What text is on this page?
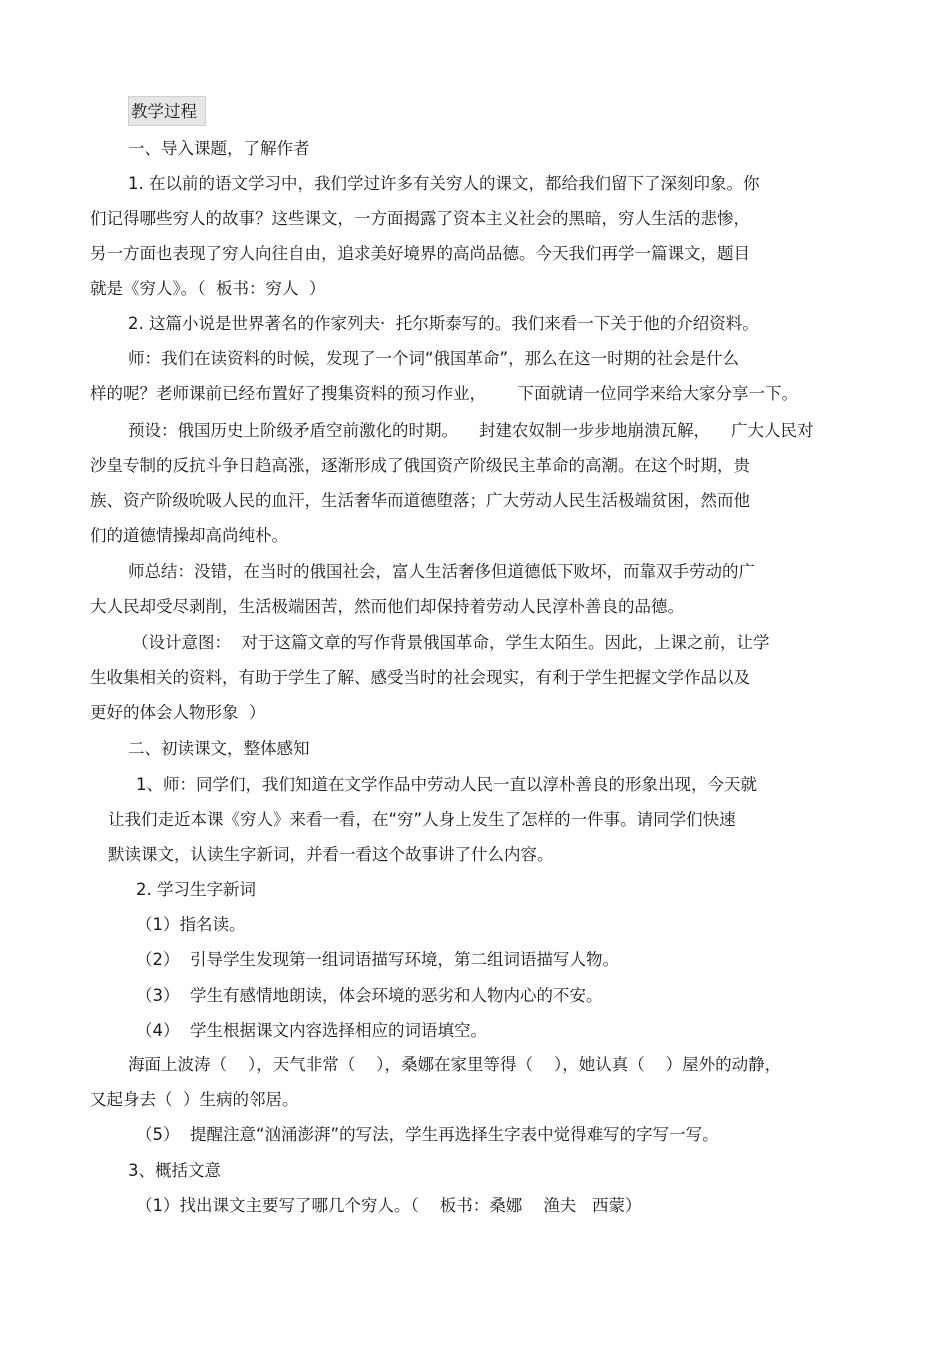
教学过程
一、导入课题，了解作者
1. 在以前的语文学习中，我们学过许多有关穷人的课文，都给我们留下了深刻印象。你
们记得哪些穷人的故事？这些课文，一方面揭露了资本主义社会的黑暗，穷人生活的悲惨，
另一方面也表现了穷人向往自由，追求美好境界的高尚品德。今天我们再学一篇课文，题目
就是《穷人》。（  板书：穷人  ）
2. 这篇小说是世界著名的作家列夫·  托尔斯泰写的。我们来看一下关于他的介绍资料。
师：我们在读资料的时候，发现了一个词“俄国革命”，那么在这一时期的社会是什么
样的呢？老师课前已经布置好了搜集资料的预习作业，      下面就请一位同学来给大家分享一下。
预设：俄国历史上阶级矛盾空前激化的时期。    封建农奴制一步步地崩溃瓦解，    广大人民对
沙皇专制的反抗斗争日趋高涨，逐渐形成了俄国资产阶级民主革命的高潮。在这个时期，贵
族、资产阶级吮吸人民的血汗，生活奢华而道德堕落；广大劳动人民生活极端贫困，然而他
们的道德情操却高尚纯朴。
师总结：没错，在当时的俄国社会，富人生活奢侈但道德低下败坏，而靠双手劳动的广
大人民却受尽剥削，生活极端困苦，然而他们却保持着劳动人民淳朴善良的品德。
（设计意图：  对于这篇文章的写作背景俄国革命，学生太陌生。因此，上课之前，让学
生收集相关的资料，有助于学生了解、感受当时的社会现实，有利于学生把握文学作品以及
更好的体会人物形象  ）
二、初读课文，整体感知
1、师：同学们，我们知道在文学作品中劳动人民一直以淳朴善良的形象出现，今天就
让我们走近本课《穷人》来看一看，在“穷”人身上发生了怎样的一件事。请同学们快速
默读课文，认读生字新词，并看一看这个故事讲了什么内容。
2. 学习生字新词
（1）指名读。
（2）  引导学生发现第一组词语描写环境，第二组词语描写人物。
（3）  学生有感情地朗读，体会环境的恶劣和人物内心的不安。
（4）  学生根据课文内容选择相应的词语填空。
海面上波涛（    ），天气非常（    ），桑娜在家里等得（    ），她认真（    ）屋外的动静，
又起身去（  ）生病的邻居。
（5）  提醒注意“汹涌澎湃”的写法，学生再选择生字表中觉得难写的字写一写。
3、概括文意
（1）找出课文主要写了哪几个穷人。（    板书：桑娜    渔夫   西蒙）
